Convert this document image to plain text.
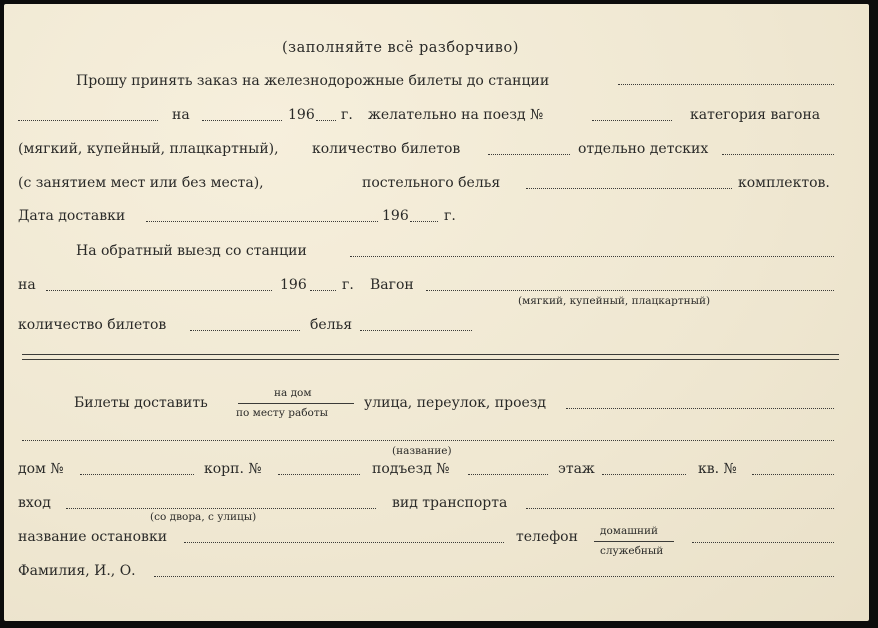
(заполняйте всё разборчиво)
Прошу принять заказ на железнодорожные билеты до станции
на	196 г. желательно на поезд №	категория вагона
(мягкий, купейный, плацкартный), количество билетов	отдельно детских
(с занятием мест или без места),	постельного белья	комплектов.
Дата доставки	196	г.
На обратный выезд со станции
на	196	г. Вагон
(мягкий, купейный, плацкартный)
количество билетов	белья
Билеты доставить
на дом
по месту работы
улица, переулок, проезд
(название)
дом №	корп. №	подъезд №	этаж	кв. №
вход
(со двора, с улицы)
вид транспорта
название остановки	телефон домашний
служебный
Фамилия, И., О.
